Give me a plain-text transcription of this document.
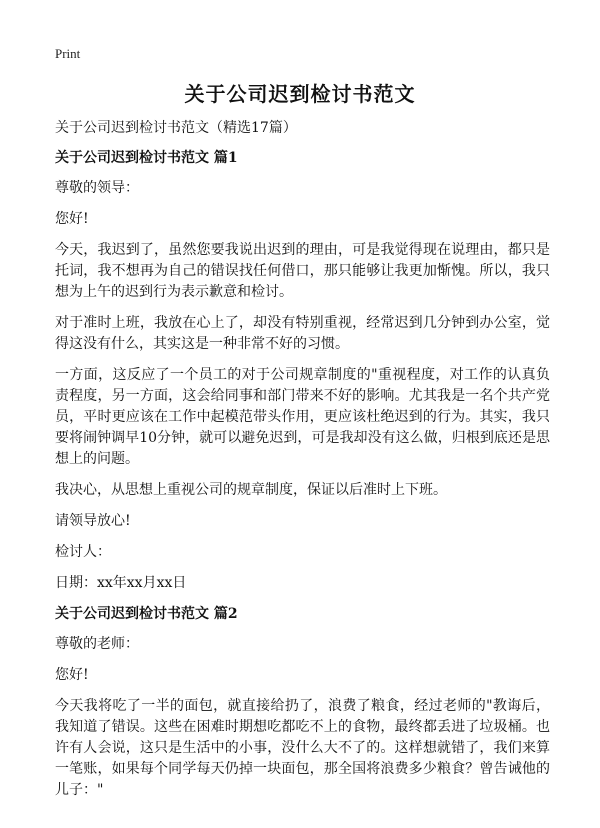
Print
关于公司迟到检讨书范文

关于公司迟到检讨书范文（精选17篇）

关于公司迟到检讨书范文 篇1

尊敬的领导：

您好!

今天，我迟到了，虽然您要我说出迟到的理由，可是我觉得现在说理由，都只是托词，我不想再为自己的错误找任何借口，那只能够让我更加惭愧。所以，我只想为上午的迟到行为表示歉意和检讨。

对于准时上班，我放在心上了，却没有特别重视，经常迟到几分钟到办公室，觉得这没有什么，其实这是一种非常不好的习惯。

一方面，这反应了一个员工的对于公司规章制度的"重视程度，对工作的认真负责程度，另一方面，这会给同事和部门带来不好的影响。尤其我是一名个共产党员，平时更应该在工作中起模范带头作用，更应该杜绝迟到的行为。其实，我只要将闹钟调早10分钟，就可以避免迟到，可是我却没有这么做，归根到底还是思想上的问题。

我决心，从思想上重视公司的规章制度，保证以后准时上下班。

请领导放心!

检讨人：

日期：xx年xx月xx日

关于公司迟到检讨书范文 篇2

尊敬的老师：

您好!

今天我将吃了一半的面包，就直接给扔了，浪费了粮食，经过老师的"教诲后，我知道了错误。这些在困难时期想吃都吃不上的食物，最终都丢进了垃圾桶。也许有人会说，这只是生活中的小事，没什么大不了的。这样想就错了，我们来算一笔账，如果每个同学每天仍掉一块面包，那全国将浪费多少粮食？曾告诫他的儿子："
